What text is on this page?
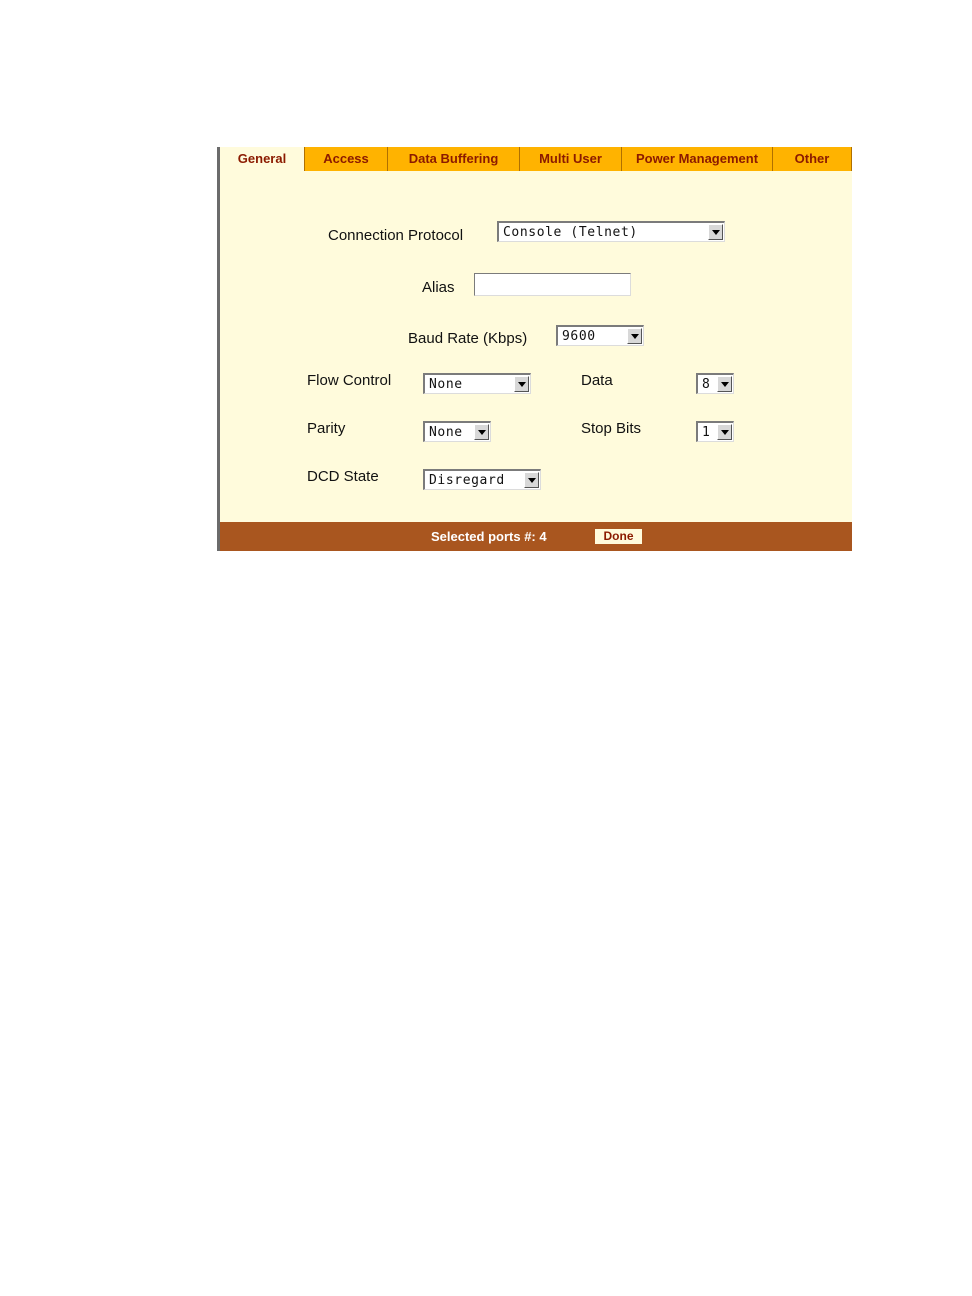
General	Access	Data Buffering	Multi User	Power Management	Other
Connection Protocol	Console (Telnet)
Alias
Baud Rate (Kbps)	9600
Flow Control	None	Data	8
Parity	None	Stop Bits	1
DCD State	Disregard
Selected ports #: 4	Done
